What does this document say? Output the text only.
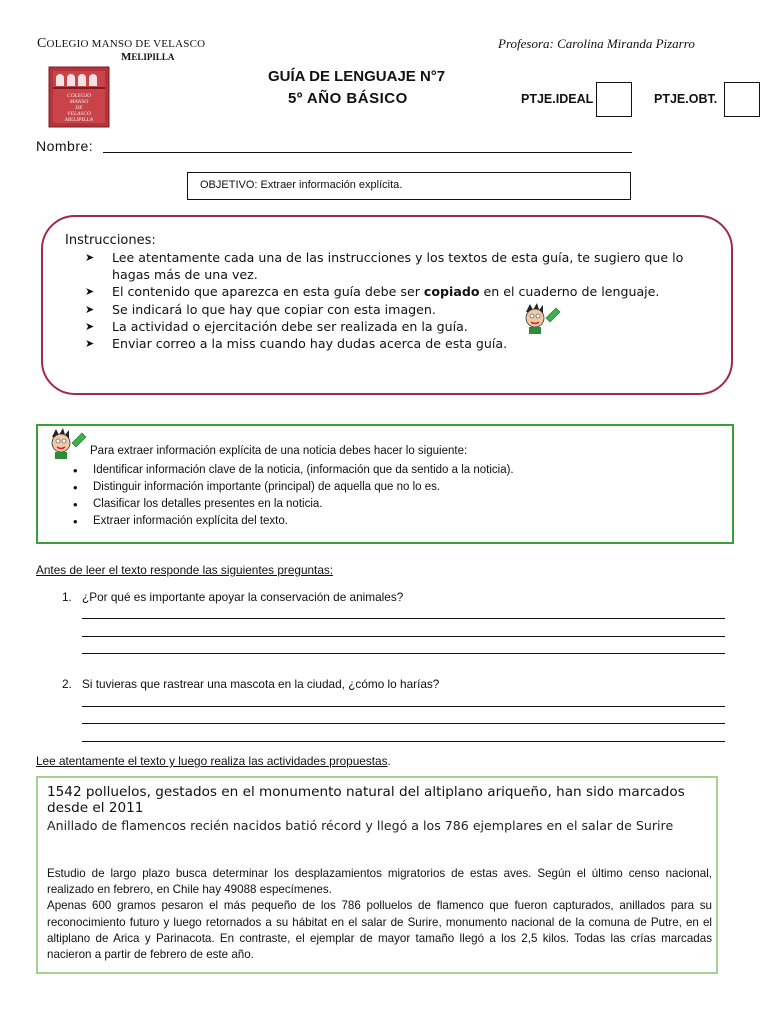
COLEGIO MANSO DE VELASCO
MELIPILLA
Profesora: Carolina Miranda Pizarro
COLEGIO
MANSO
DE
VELASCO
MELIPILLA
GUÍA DE LENGUAJE N°7
5º AÑO BÁSICO	PTJE.IDEAL	PTJE.OBT.
Nombre:
OBJETIVO: Extraer información explícita.
Instrucciones:
➤ Lee atentamente cada una de las instrucciones y los textos de esta guía, te sugiero que lo hagas más de una vez.
➤ El contenido que aparezca en esta guía debe ser copiado en el cuaderno de lenguaje.
➤ Se indicará lo que hay que copiar con esta imagen.
➤ La actividad o ejercitación debe ser realizada en la guía.
➤ Enviar correo a la miss cuando hay dudas acerca de esta guía.
Para extraer información explícita de una noticia debes hacer lo siguiente:
• Identificar información clave de la noticia, (información que da sentido a la noticia).
• Distinguir información importante (principal) de aquella que no lo es.
• Clasificar los detalles presentes en la noticia.
• Extraer información explícita del texto.
Antes de leer el texto responde las siguientes preguntas:
1. ¿Por qué es importante apoyar la conservación de animales?
2. Si tuvieras que rastrear una mascota en la ciudad, ¿cómo lo harías?
Lee atentamente el texto y luego realiza las actividades propuestas.
1542 polluelos, gestados en el monumento natural del altiplano ariqueño, han sido marcados desde el 2011
Anillado de flamencos recién nacidos batió récord y llegó a los 786 ejemplares en el salar de Surire
Estudio de largo plazo busca determinar los desplazamientos migratorios de estas aves. Según el último censo nacional, realizado en febrero, en Chile hay 49088 especímenes.
Apenas 600 gramos pesaron el más pequeño de los 786 polluelos de flamenco que fueron capturados, anillados para su reconocimiento futuro y luego retornados a su hábitat en el salar de Surire, monumento nacional de la comuna de Putre, en el altiplano de Arica y Parinacota. En contraste, el ejemplar de mayor tamaño llegó a los 2,5 kilos. Todas las crías marcadas nacieron a partir de febrero de este año.
